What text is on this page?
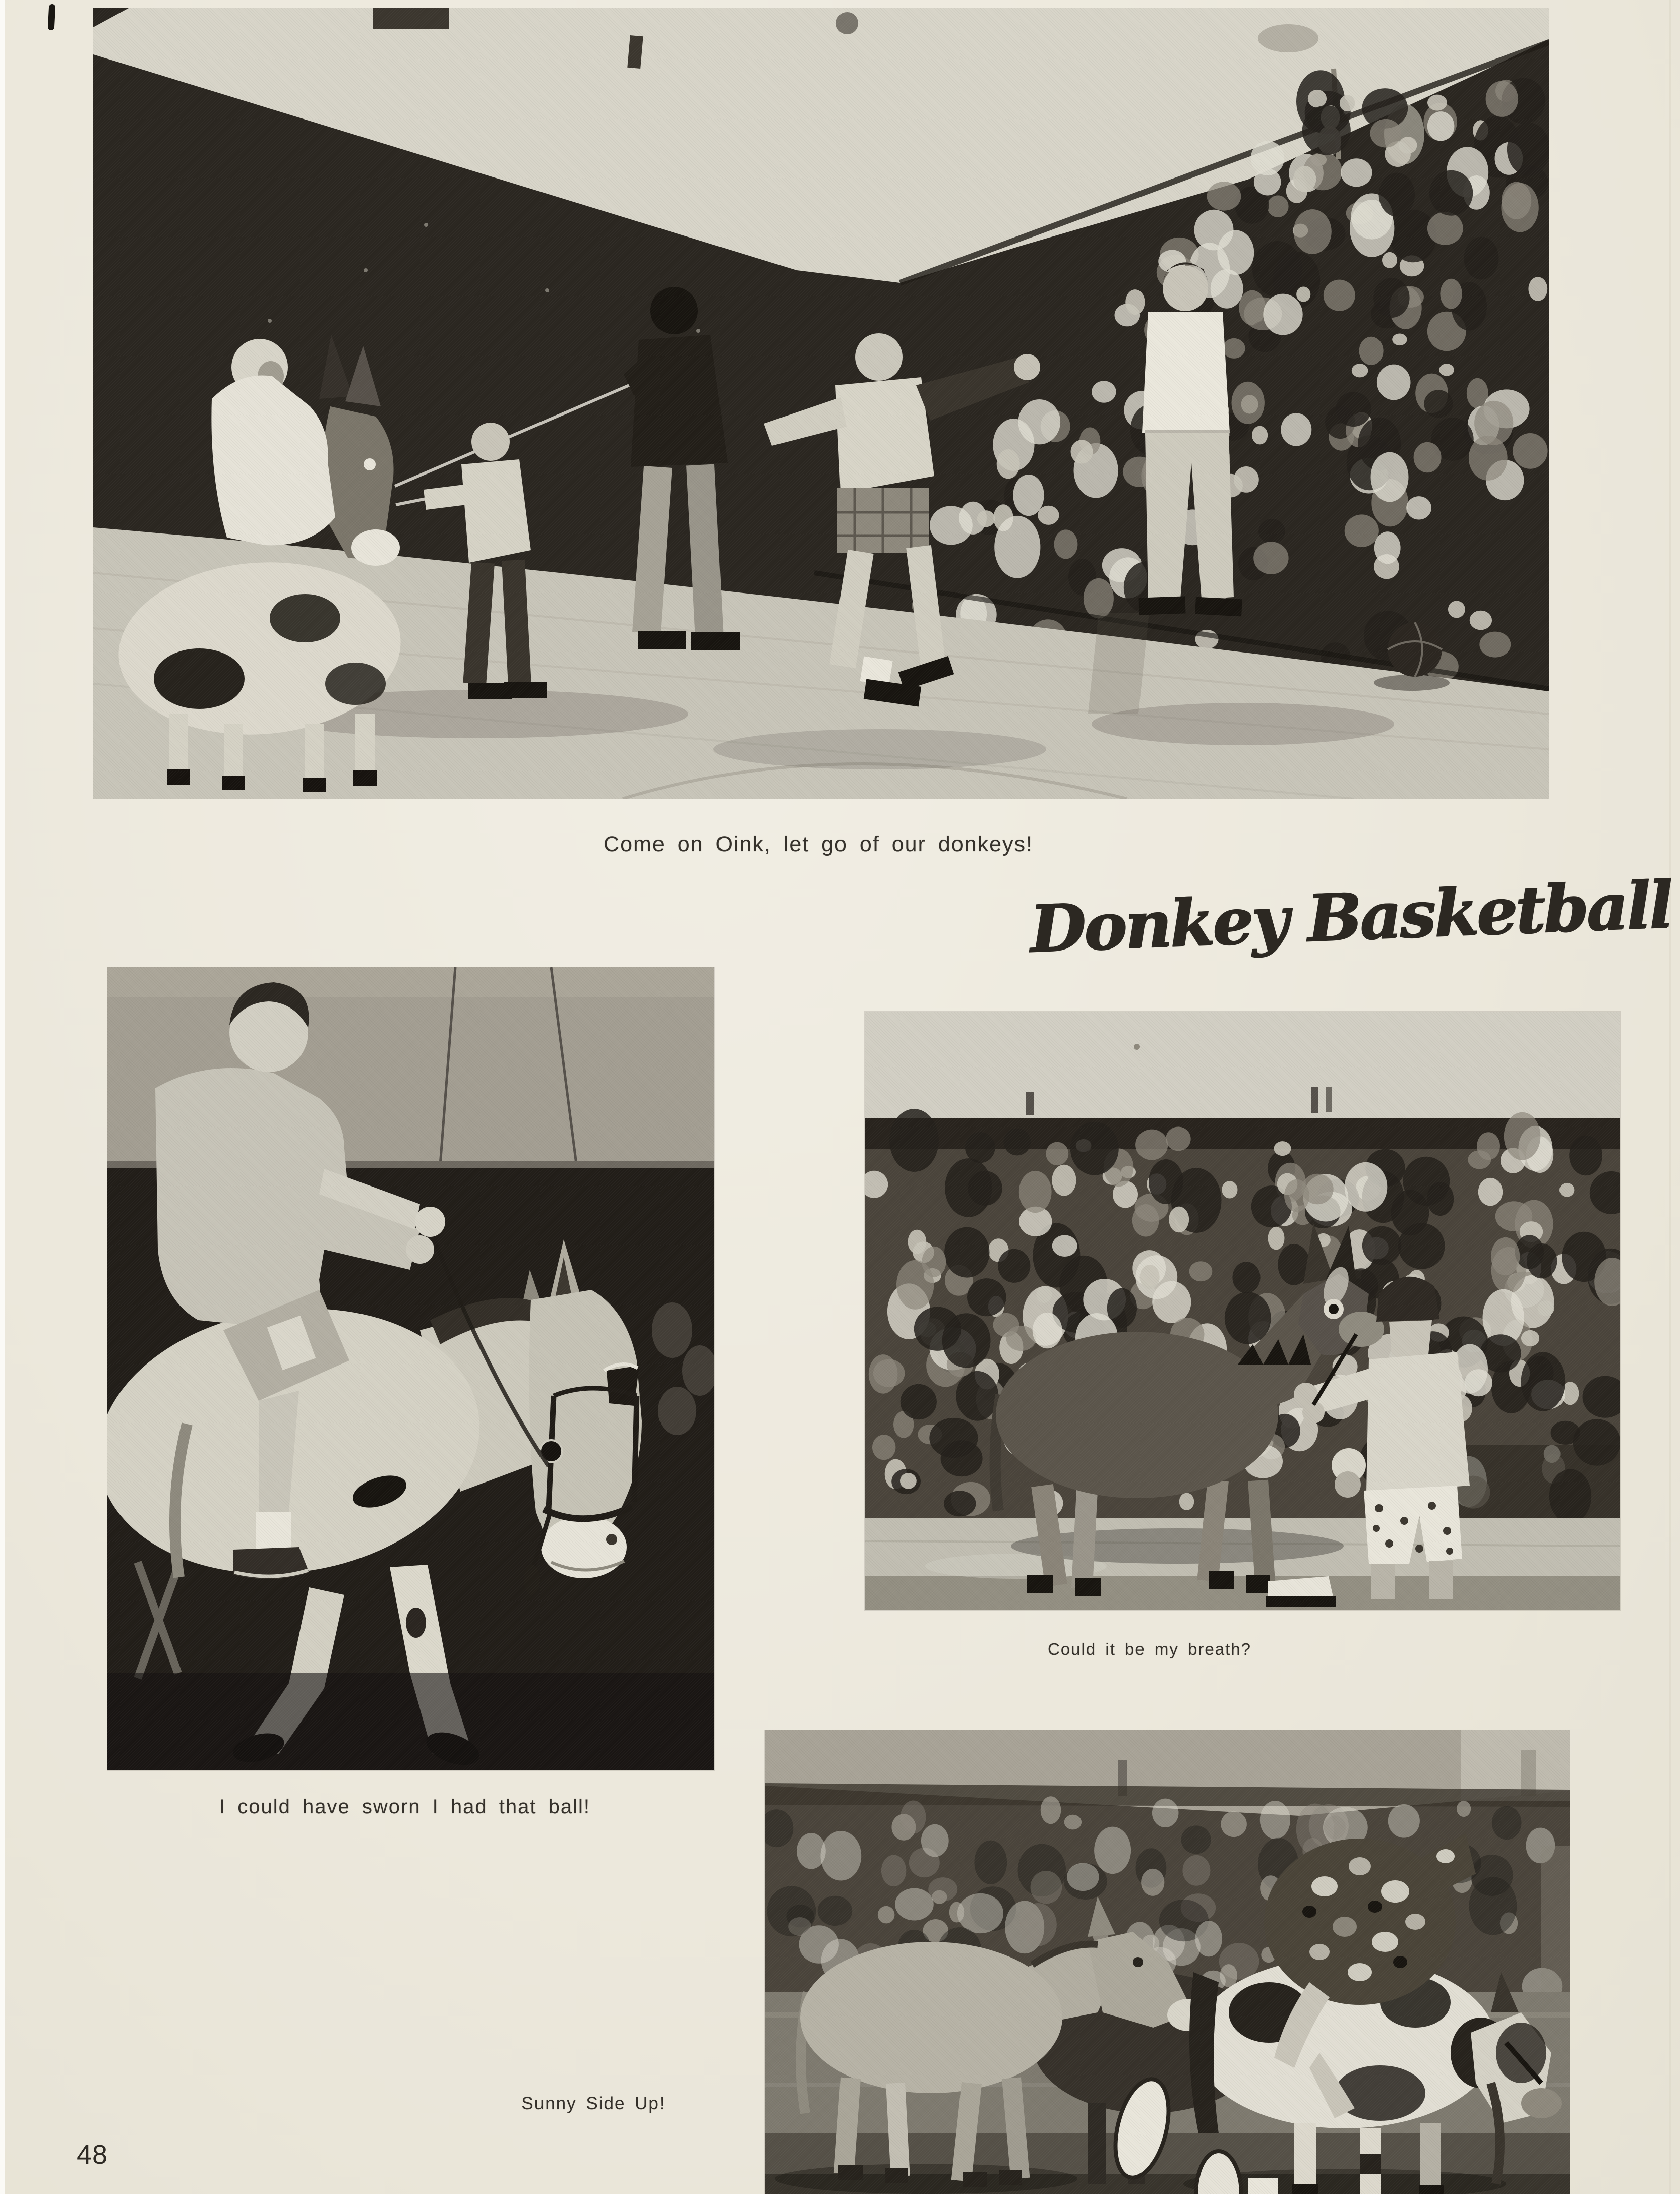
Come on Oink, let go of our donkeys!
Donkey Basketball
I could have sworn I had that ball!
Could it be my breath?
Sunny Side Up!
48
